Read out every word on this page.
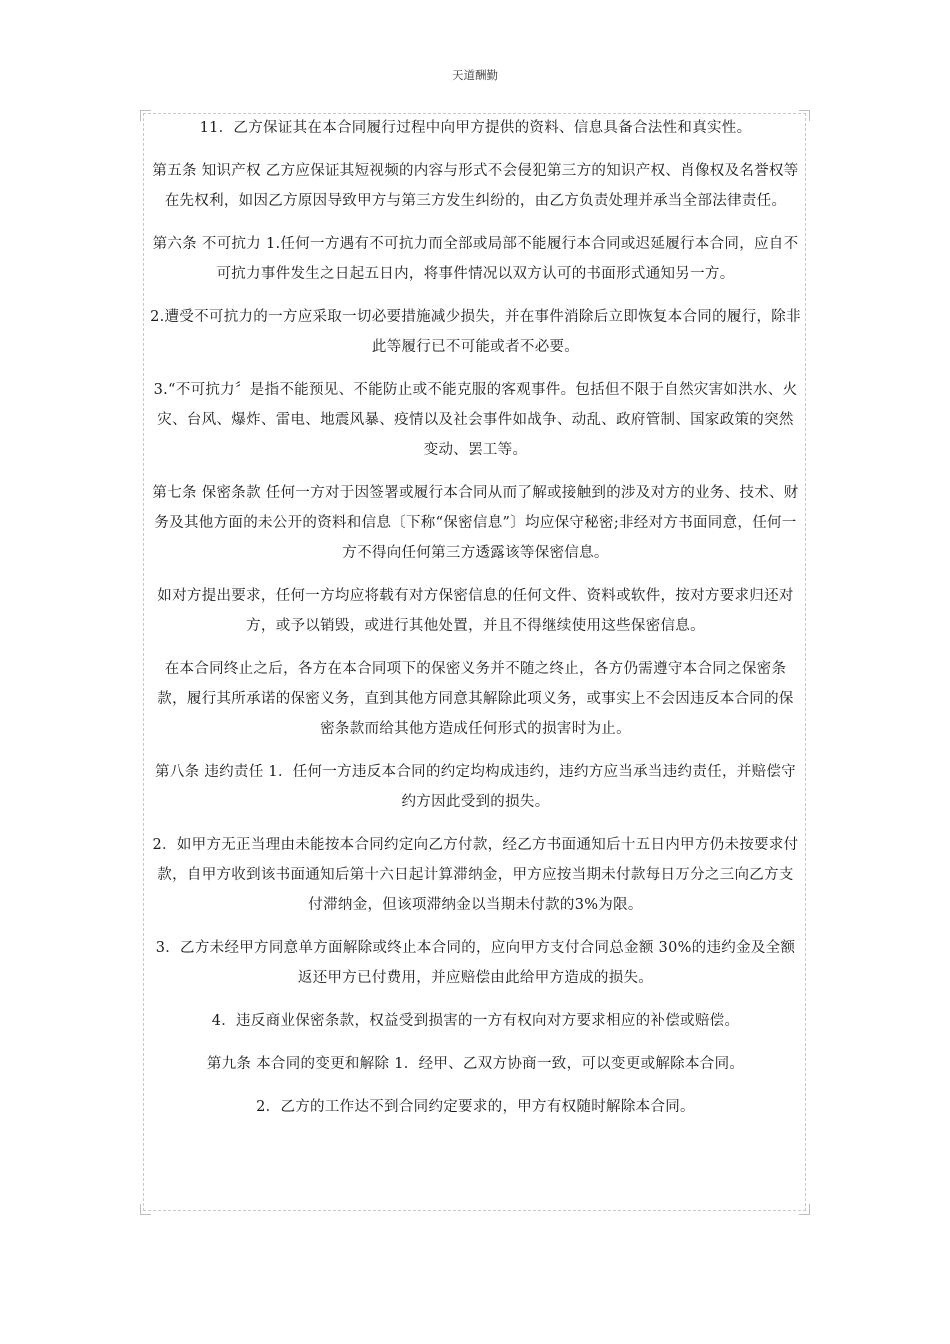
天道酬勤

11．乙方保证其在本合同履行过程中向甲方提供的资料、信息具备合法性和真实性。

第五条 知识产权 乙方应保证其短视频的内容与形式不会侵犯第三方的知识产权、肖像权及名誉权等在先权利，如因乙方原因导致甲方与第三方发生纠纷的，由乙方负责处理并承当全部法律责任。

第六条 不可抗力 1.任何一方遇有不可抗力而全部或局部不能履行本合同或迟延履行本合同，应自不可抗力事件发生之日起五日内，将事件情况以双方认可的书面形式通知另一方。

2.遭受不可抗力的一方应采取一切必要措施减少损失，并在事件消除后立即恢复本合同的履行，除非此等履行已不可能或者不必要。

3.“不可抗力〞是指不能预见、不能防止或不能克服的客观事件。包括但不限于自然灾害如洪水、火灾、台风、爆炸、雷电、地震风暴、疫情以及社会事件如战争、动乱、政府管制、国家政策的突然变动、罢工等。

第七条 保密条款 任何一方对于因签署或履行本合同从而了解或接触到的涉及对方的业务、技术、财务及其他方面的未公开的资料和信息〔下称“保密信息”〕均应保守秘密;非经对方书面同意，任何一方不得向任何第三方透露该等保密信息。

如对方提出要求，任何一方均应将载有对方保密信息的任何文件、资料或软件，按对方要求归还对方，或予以销毁，或进行其他处置，并且不得继续使用这些保密信息。

在本合同终止之后，各方在本合同项下的保密义务并不随之终止，各方仍需遵守本合同之保密条款，履行其所承诺的保密义务，直到其他方同意其解除此项义务，或事实上不会因违反本合同的保密条款而给其他方造成任何形式的损害时为止。

第八条 违约责任 1．任何一方违反本合同的约定均构成违约，违约方应当承当违约责任，并赔偿守约方因此受到的损失。

2．如甲方无正当理由未能按本合同约定向乙方付款，经乙方书面通知后十五日内甲方仍未按要求付款，自甲方收到该书面通知后第十六日起计算滞纳金，甲方应按当期未付款每日万分之三向乙方支付滞纳金，但该项滞纳金以当期未付款的3%为限。

3．乙方未经甲方同意单方面解除或终止本合同的，应向甲方支付合同总金额 30%的违约金及全额返还甲方已付费用，并应赔偿由此给甲方造成的损失。

4．违反商业保密条款，权益受到损害的一方有权向对方要求相应的补偿或赔偿。

第九条 本合同的变更和解除 1．经甲、乙双方协商一致，可以变更或解除本合同。

2．乙方的工作达不到合同约定要求的，甲方有权随时解除本合同。
